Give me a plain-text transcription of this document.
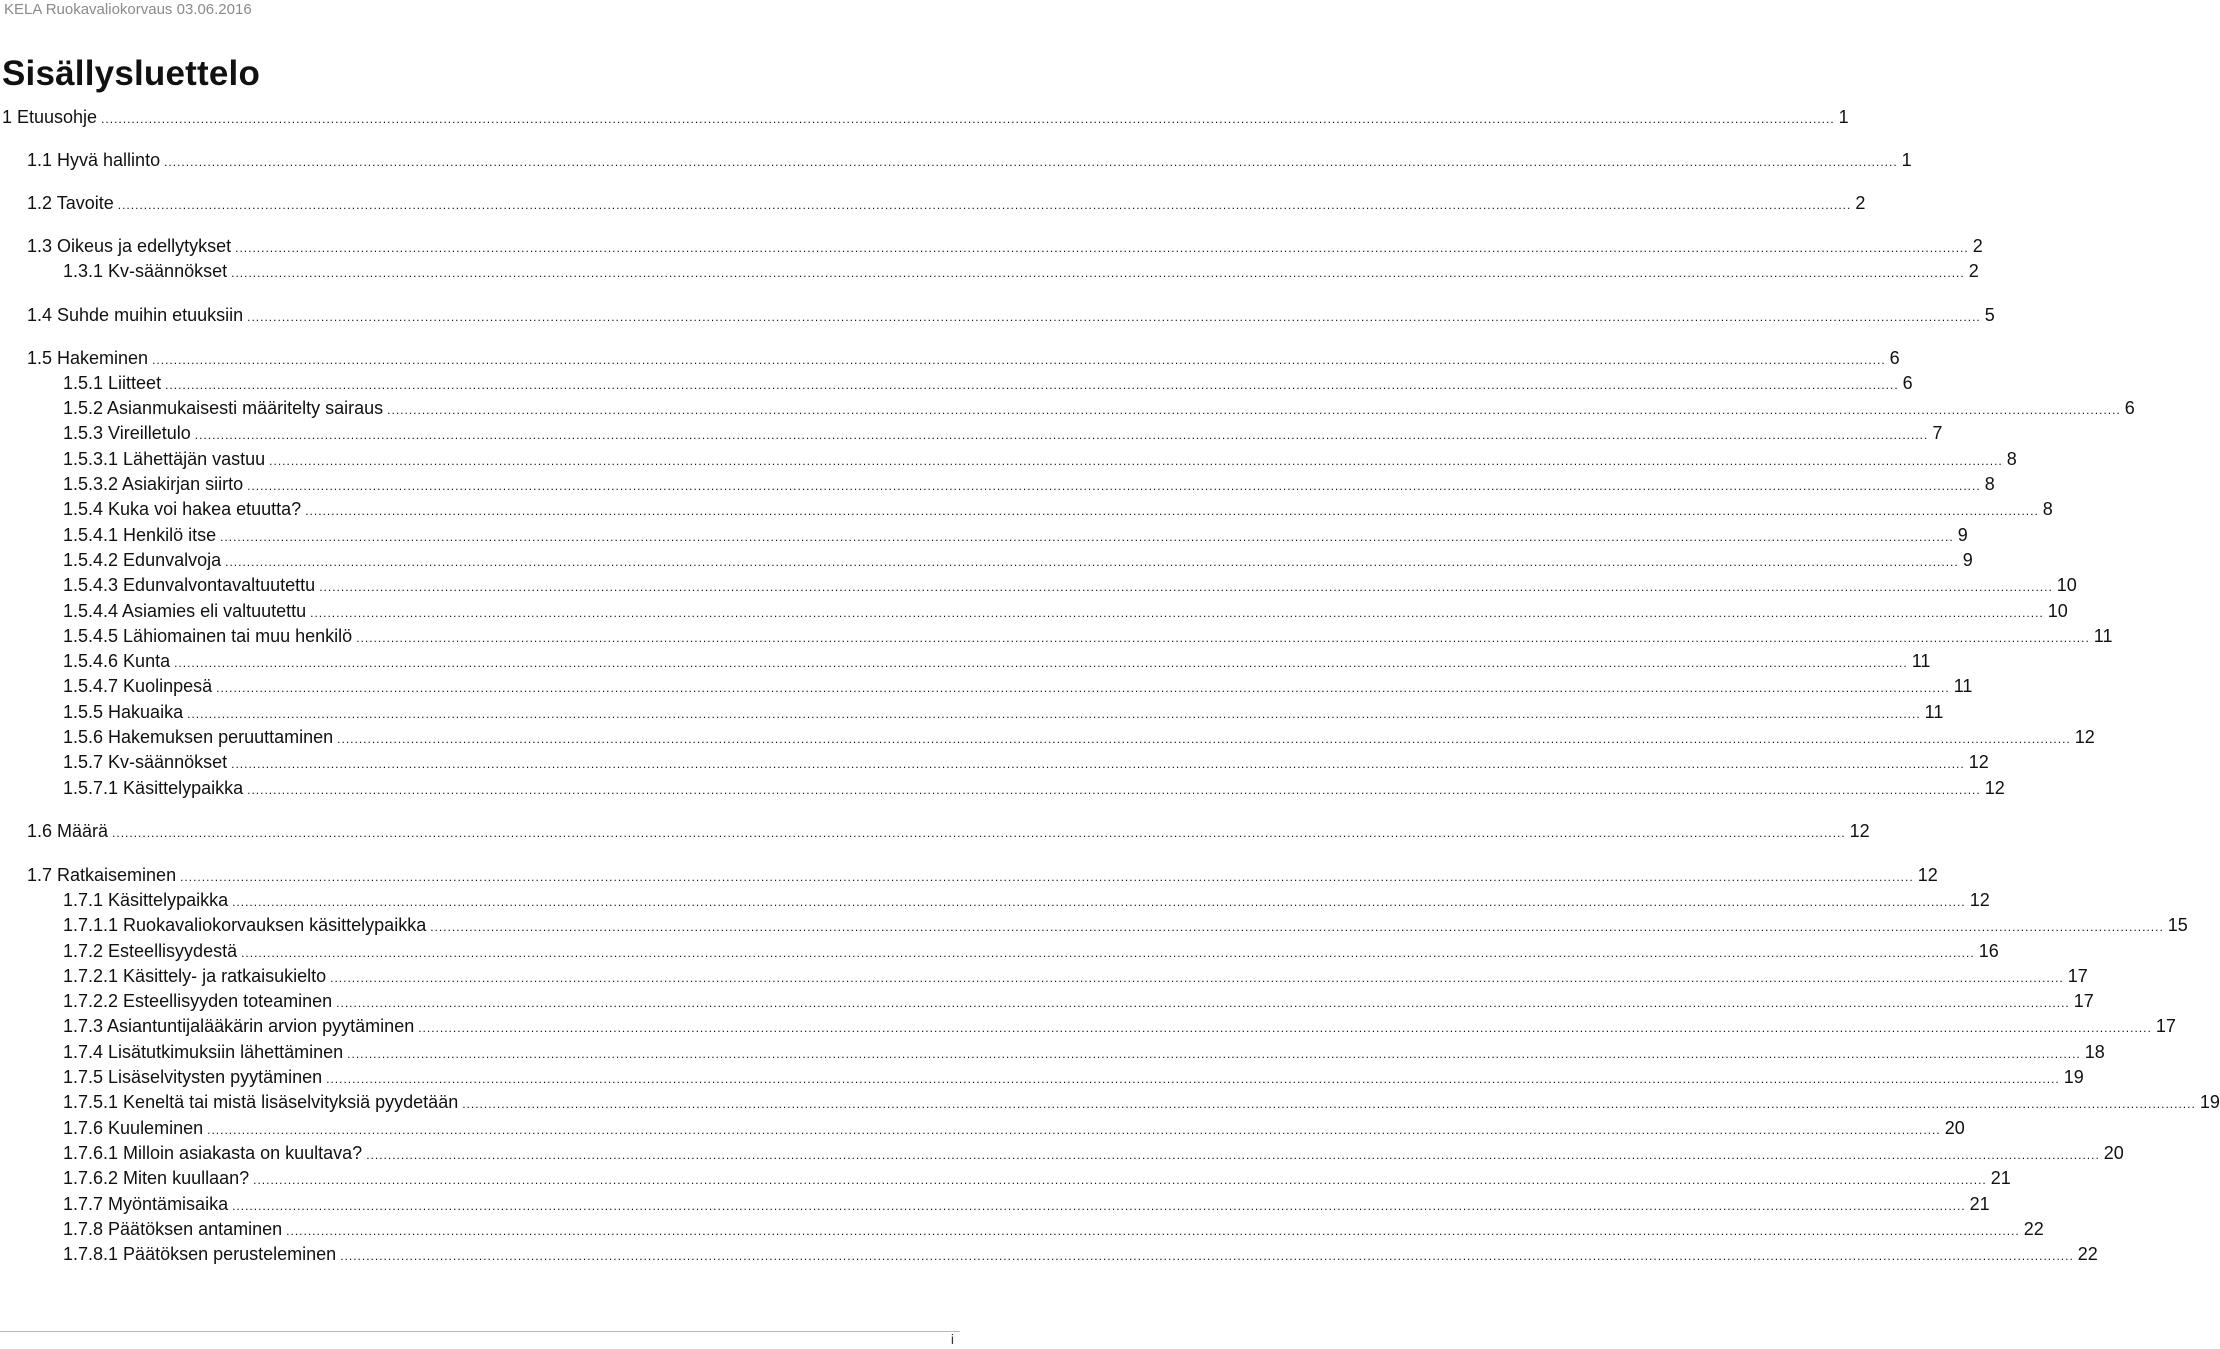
KELA Ruokavaliokorvaus 03.06.2016
Sisällysluettelo
1 Etuusohje ................................................................................................................................................................................................................................................................................................................................................................................................................ 1
1.1 Hyvä hallinto ................................................................................................................................................................................................................................................................................................................................................................................................................ 1
1.2 Tavoite ................................................................................................................................................................................................................................................................................................................................................................................................................ 2
1.3 Oikeus ja edellytykset ................................................................................................................................................................................................................................................................................................................................................................................................................ 2
1.3.1 Kv-säännökset ................................................................................................................................................................................................................................................................................................................................................................................................................ 2
1.4 Suhde muihin etuuksiin ................................................................................................................................................................................................................................................................................................................................................................................................................ 5
1.5 Hakeminen ................................................................................................................................................................................................................................................................................................................................................................................................................ 6
1.5.1 Liitteet ................................................................................................................................................................................................................................................................................................................................................................................................................ 6
1.5.2 Asianmukaisesti määritelty sairaus ................................................................................................................................................................................................................................................................................................................................................................................................................ 6
1.5.3 Vireilletulo ................................................................................................................................................................................................................................................................................................................................................................................................................ 7
1.5.3.1 Lähettäjän vastuu ................................................................................................................................................................................................................................................................................................................................................................................................................ 8
1.5.3.2 Asiakirjan siirto ................................................................................................................................................................................................................................................................................................................................................................................................................ 8
1.5.4 Kuka voi hakea etuutta? ................................................................................................................................................................................................................................................................................................................................................................................................................ 8
1.5.4.1 Henkilö itse ................................................................................................................................................................................................................................................................................................................................................................................................................ 9
1.5.4.2 Edunvalvoja ................................................................................................................................................................................................................................................................................................................................................................................................................ 9
1.5.4.3 Edunvalvontavaltuutettu ................................................................................................................................................................................................................................................................................................................................................................................................................ 10
1.5.4.4 Asiamies eli valtuutettu ................................................................................................................................................................................................................................................................................................................................................................................................................ 10
1.5.4.5 Lähiomainen tai muu henkilö ................................................................................................................................................................................................................................................................................................................................................................................................................ 11
1.5.4.6 Kunta ................................................................................................................................................................................................................................................................................................................................................................................................................ 11
1.5.4.7 Kuolinpesä ................................................................................................................................................................................................................................................................................................................................................................................................................ 11
1.5.5 Hakuaika ................................................................................................................................................................................................................................................................................................................................................................................................................ 11
1.5.6 Hakemuksen peruuttaminen ................................................................................................................................................................................................................................................................................................................................................................................................................ 12
1.5.7 Kv-säännökset ................................................................................................................................................................................................................................................................................................................................................................................................................ 12
1.5.7.1 Käsittelypaikka ................................................................................................................................................................................................................................................................................................................................................................................................................ 12
1.6 Määrä ................................................................................................................................................................................................................................................................................................................................................................................................................ 12
1.7 Ratkaiseminen ................................................................................................................................................................................................................................................................................................................................................................................................................ 12
1.7.1 Käsittelypaikka ................................................................................................................................................................................................................................................................................................................................................................................................................ 12
1.7.1.1 Ruokavaliokorvauksen käsittelypaikka ................................................................................................................................................................................................................................................................................................................................................................................................................ 15
1.7.2 Esteellisyydestä ................................................................................................................................................................................................................................................................................................................................................................................................................ 16
1.7.2.1 Käsittely- ja ratkaisukielto ................................................................................................................................................................................................................................................................................................................................................................................................................ 17
1.7.2.2 Esteellisyyden toteaminen ................................................................................................................................................................................................................................................................................................................................................................................................................ 17
1.7.3 Asiantuntijalääkärin arvion pyytäminen ................................................................................................................................................................................................................................................................................................................................................................................................................ 17
1.7.4 Lisätutkimuksiin lähettäminen ................................................................................................................................................................................................................................................................................................................................................................................................................ 18
1.7.5 Lisäselvitysten pyytäminen ................................................................................................................................................................................................................................................................................................................................................................................................................ 19
1.7.5.1 Keneltä tai mistä lisäselvityksiä pyydetään ................................................................................................................................................................................................................................................................................................................................................................................................................ 19
1.7.6 Kuuleminen ................................................................................................................................................................................................................................................................................................................................................................................................................ 20
1.7.6.1 Milloin asiakasta on kuultava? ................................................................................................................................................................................................................................................................................................................................................................................................................ 20
1.7.6.2 Miten kuullaan? ................................................................................................................................................................................................................................................................................................................................................................................................................ 21
1.7.7 Myöntämisaika ................................................................................................................................................................................................................................................................................................................................................................................................................ 21
1.7.8 Päätöksen antaminen ................................................................................................................................................................................................................................................................................................................................................................................................................ 22
1.7.8.1 Päätöksen perusteleminen ................................................................................................................................................................................................................................................................................................................................................................................................................ 22
i
